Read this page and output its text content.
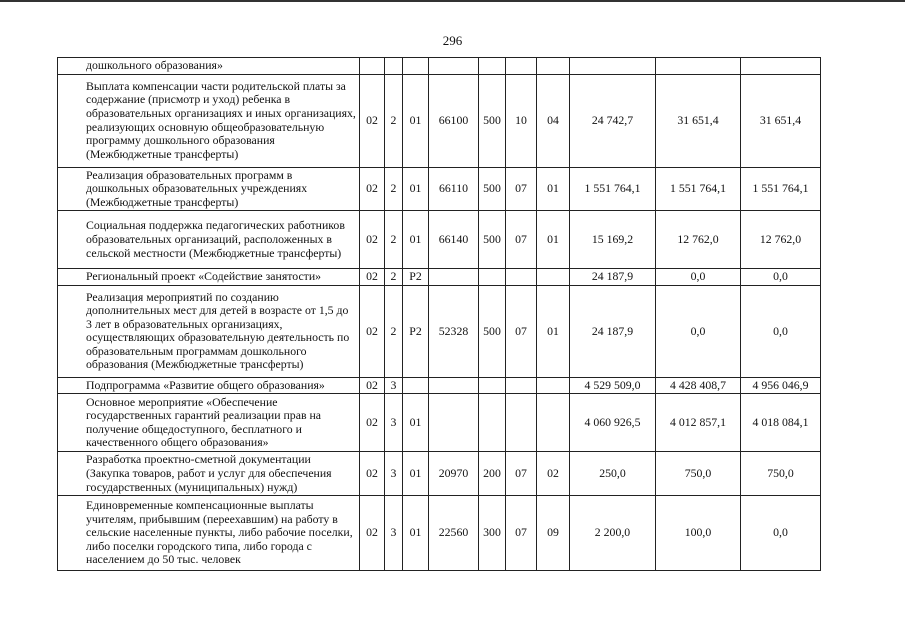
296
дошкольного образования»										
Выплата компенсации части родительской платы за содержание (присмотр и уход) ребенка в образовательных организациях и иных организациях, реализующих основную общеобразовательную программу дошкольного образования (Межбюджетные трансферты)	02	2	01	66100	500	10	04	24 742,7	31 651,4	31 651,4
Реализация образовательных программ в дошкольных образовательных учреждениях (Межбюджетные трансферты)	02	2	01	66110	500	07	01	1 551 764,1	1 551 764,1	1 551 764,1
Социальная поддержка педагогических работников образовательных организаций, расположенных в сельской местности (Межбюджетные трансферты)	02	2	01	66140	500	07	01	15 169,2	12 762,0	12 762,0
Региональный проект «Содействие занятости»	02	2	P2					24 187,9	0,0	0,0
Реализация мероприятий по созданию дополнительных мест для детей в возрасте от 1,5 до 3 лет в образовательных организациях, осуществляющих образовательную деятельность по образовательным программам дошкольного образования (Межбюджетные трансферты)	02	2	P2	52328	500	07	01	24 187,9	0,0	0,0
Подпрограмма «Развитие общего образования»	02	3						4 529 509,0	4 428 408,7	4 956 046,9
Основное мероприятие «Обеспечение государственных гарантий реализации прав на получение общедоступного, бесплатного и качественного общего образования»	02	3	01					4 060 926,5	4 012 857,1	4 018 084,1
Разработка проектно-сметной документации (Закупка товаров, работ и услуг для обеспечения государственных (муниципальных) нужд)	02	3	01	20970	200	07	02	250,0	750,0	750,0
Единовременные компенсационные выплаты учителям, прибывшим (переехавшим) на работу в сельские населенные пункты, либо рабочие поселки, либо поселки городского типа, либо города с населением до 50 тыс. человек	02	3	01	22560	300	07	09	2 200,0	100,0	0,0
